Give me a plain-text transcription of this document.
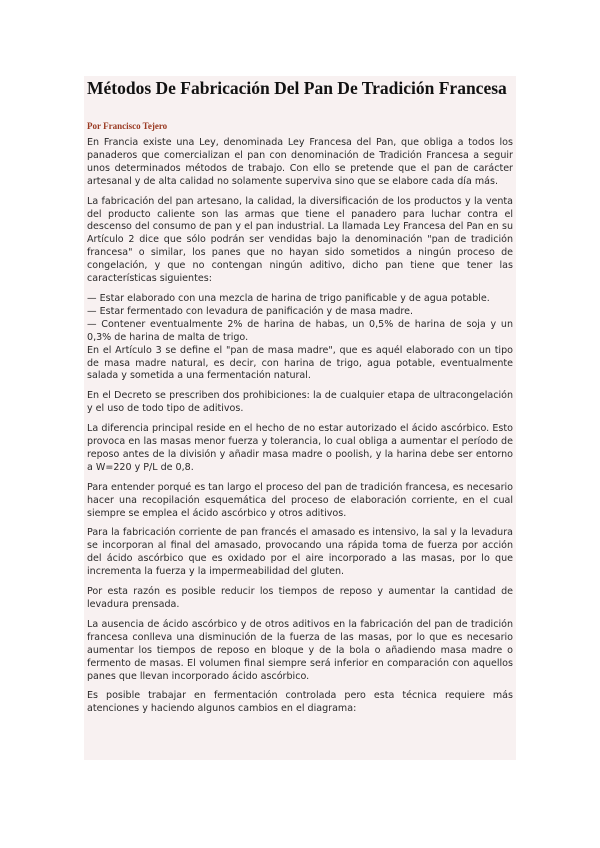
Métodos De Fabricación Del Pan De Tradición Francesa
Por Francisco Tejero

En Francia existe una Ley, denominada Ley Francesa del Pan, que obliga a todos los panaderos que comercializan el pan con denominación de Tradición Francesa a seguir unos determinados métodos de trabajo. Con ello se pretende que el pan de carácter artesanal y de alta calidad no solamente superviva sino que se elabore cada día más.

La fabricación del pan artesano, la calidad, la diversificación de los productos y la venta del producto caliente son las armas que tiene el panadero para luchar contra el descenso del consumo de pan y el pan industrial. La llamada Ley Francesa del Pan en su Artículo 2 dice que sólo podrán ser vendidas bajo la denominación "pan de tradición francesa" o similar, los panes que no hayan sido sometidos a ningún proceso de congelación, y que no contengan ningún aditivo, dicho pan tiene que tener las características siguientes:

— Estar elaborado con una mezcla de harina de trigo panificable y de agua potable.
— Estar fermentado con levadura de panificación y de masa madre.
— Contener eventualmente 2% de harina de habas, un 0,5% de harina de soja y un 0,3% de harina de malta de trigo.
En el Artículo 3 se define el "pan de masa madre", que es aquél elaborado con un tipo de masa madre natural, es decir, con harina de trigo, agua potable, eventualmente salada y sometida a una fermentación natural.

En el Decreto se prescriben dos prohibiciones: la de cualquier etapa de ultracongelación y el uso de todo tipo de aditivos.

La diferencia principal reside en el hecho de no estar autorizado el ácido ascórbico. Esto provoca en las masas menor fuerza y tolerancia, lo cual obliga a aumentar el período de reposo antes de la división y añadir masa madre o poolish, y la harina debe ser entorno a W=220 y P/L de 0,8.

Para entender porqué es tan largo el proceso del pan de tradición francesa, es necesario hacer una recopilación esquemática del proceso de elaboración corriente, en el cual siempre se emplea el ácido ascórbico y otros aditivos.

Para la fabricación corriente de pan francés el amasado es intensivo, la sal y la levadura se incorporan al final del amasado, provocando una rápida toma de fuerza por acción del ácido ascórbico que es oxidado por el aire incorporado a las masas, por lo que incrementa la fuerza y la impermeabilidad del gluten.

Por esta razón es posible reducir los tiempos de reposo y aumentar la cantidad de levadura prensada.

La ausencia de ácido ascórbico y de otros aditivos en la fabricación del pan de tradición francesa conlleva una disminución de la fuerza de las masas, por lo que es necesario aumentar los tiempos de reposo en bloque y de la bola o añadiendo masa madre o fermento de masas. El volumen final siempre será inferior en comparación con aquellos panes que llevan incorporado ácido ascórbico.

Es posible trabajar en fermentación controlada pero esta técnica requiere más atenciones y haciendo algunos cambios en el diagrama:
